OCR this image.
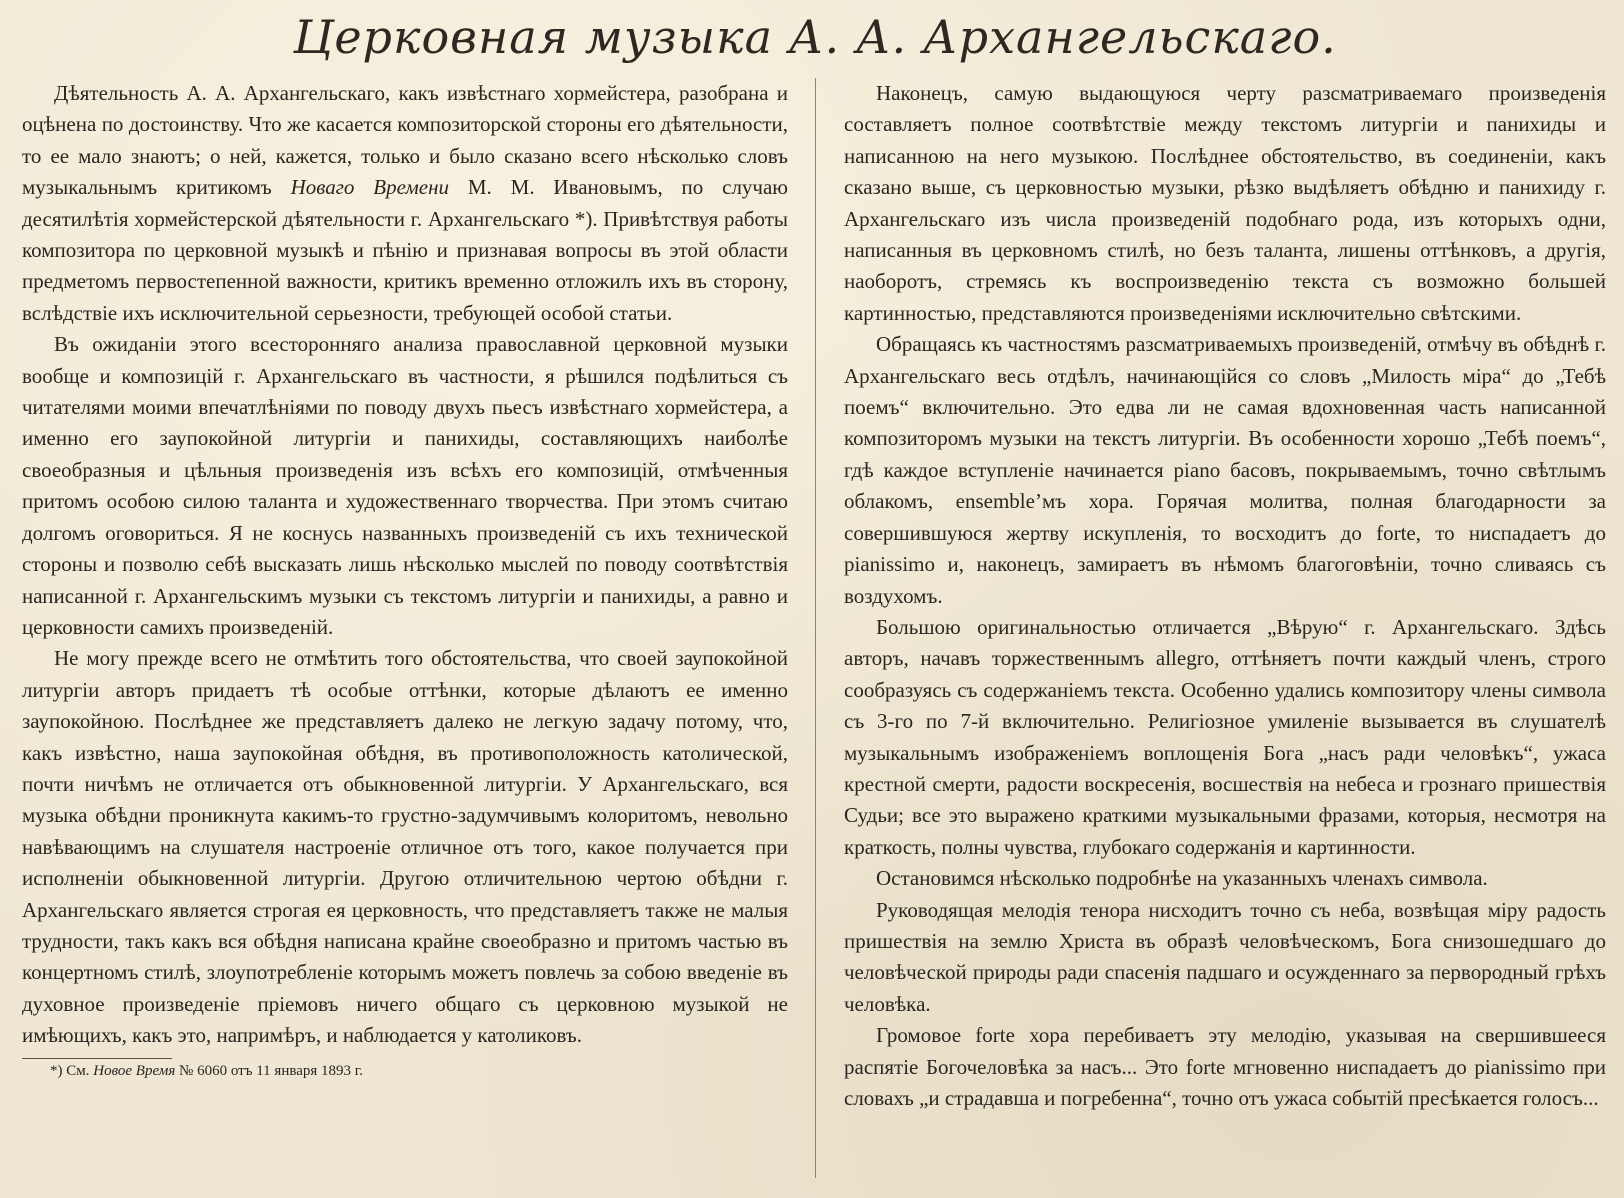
Церковная музыка А. А. Архангельскаго.

Дѣятельность А. А. Архангельскаго, какъ извѣстнаго хормейстера, разобрана и оцѣнена по достоинству. Что же касается композиторской стороны его дѣятельности, то ее мало знаютъ; о ней, кажется, только и было сказано всего нѣсколько словъ музыкальнымъ критикомъ Новаго Времени М. М. Ивановымъ, по случаю десятилѣтія хормейстерской дѣятельности г. Архангельскаго *). Привѣтствуя работы композитора по церковной музыкѣ и пѣнію и признавая вопросы въ этой области предметомъ первостепенной важности, критикъ временно отложилъ ихъ въ сторону, вслѣдствіе ихъ исключительной серьезности, требующей особой статьи.

Въ ожиданіи этого всесторонняго анализа православной церковной музыки вообще и композицій г. Архангельскаго въ частности, я рѣшился подѣлиться съ читателями моими впечатлѣніями по поводу двухъ пьесъ извѣстнаго хормейстера, а именно его заупокойной литургіи и панихиды, составляющихъ наиболѣе своеобразныя и цѣльныя произведенія изъ всѣхъ его композицій, отмѣченныя притомъ особою силою таланта и художественнаго творчества. При этомъ считаю долгомъ оговориться. Я не коснусь названныхъ произведеній съ ихъ технической стороны и позволю себѣ высказать лишь нѣсколько мыслей по поводу соотвѣтствія написанной г. Архангельскимъ музыки съ текстомъ литургіи и панихиды, а равно и церковности самихъ произведеній.

Не могу прежде всего не отмѣтить того обстоятельства, что своей заупокойной литургіи авторъ придаетъ тѣ особые оттѣнки, которые дѣлаютъ ее именно заупокойною. Послѣднее же представляетъ далеко не легкую задачу потому, что, какъ извѣстно, наша заупокойная обѣдня, въ противоположность католической, почти ничѣмъ не отличается отъ обыкновенной литургіи. У Архангельскаго, вся музыка обѣдни проникнута какимъ-то грустно-задумчивымъ колоритомъ, невольно навѣвающимъ на слушателя настроеніе отличное отъ того, какое получается при исполненіи обыкновенной литургіи. Другою отличительною чертою обѣдни г. Архангельскаго является строгая ея церковность, что представляетъ также не малыя трудности, такъ какъ вся обѣдня написана крайне своеобразно и притомъ частью въ концертномъ стилѣ, злоупотребленіе которымъ можетъ повлечь за собою введеніе въ духовное произведеніе пріемовъ ничего общаго съ церковною музыкой не имѣющихъ, какъ это, напримѣръ, и наблюдается у католиковъ.

*) См. Новое Время № 6060 отъ 11 января 1893 г.

Наконецъ, самую выдающуюся черту разсматриваемаго произведенія составляетъ полное соотвѣтствіе между текстомъ литургіи и панихиды и написанною на него музыкою. Послѣднее обстоятельство, въ соединеніи, какъ сказано выше, съ церковностью музыки, рѣзко выдѣляетъ обѣдню и панихиду г. Архангельскаго изъ числа произведеній подобнаго рода, изъ которыхъ одни, написанныя въ церковномъ стилѣ, но безъ таланта, лишены оттѣнковъ, а другія, наоборотъ, стремясь къ воспроизведенію текста съ возможно большей картинностью, представляются произведеніями исключительно свѣтскими.

Обращаясь къ частностямъ разсматриваемыхъ произведеній, отмѣчу въ обѣднѣ г. Архангельскаго весь отдѣлъ, начинающійся со словъ „Милость міра“ до „Тебѣ поемъ“ включительно. Это едва ли не самая вдохновенная часть написанной композиторомъ музыки на текстъ литургіи. Въ особенности хорошо „Тебѣ поемъ“, гдѣ каждое вступленіе начинается piano басовъ, покрываемымъ, точно свѣтлымъ облакомъ, ensemble’мъ хора. Горячая молитва, полная благодарности за совершившуюся жертву искупленія, то восходитъ до forte, то ниспадаетъ до pianissimo и, наконецъ, замираетъ въ нѣмомъ благоговѣніи, точно сливаясь съ воздухомъ.

Большою оригинальностью отличается „Вѣрую“ г. Архангельскаго. Здѣсь авторъ, начавъ торжественнымъ allegro, оттѣняетъ почти каждый членъ, строго сообразуясь съ содержаніемъ текста. Особенно удались композитору члены символа съ 3-го по 7-й включительно. Религіозное умиленіе вызывается въ слушателѣ музыкальнымъ изображеніемъ воплощенія Бога „насъ ради человѣкъ“, ужаса крестной смерти, радости воскресенія, восшествія на небеса и грознаго пришествія Судьи; все это выражено краткими музыкальными фразами, которыя, несмотря на краткость, полны чувства, глубокаго содержанія и картинности.

Остановимся нѣсколько подробнѣе на указанныхъ членахъ символа.

Руководящая мелодія тенора нисходитъ точно съ неба, возвѣщая міру радость пришествія на землю Христа въ образѣ человѣческомъ, Бога снизошедшаго до человѣческой природы ради спасенія падшаго и осужденнаго за первородный грѣхъ человѣка.

Громовое forte хора перебиваетъ эту мелодію, указывая на свершившееся распятіе Богочеловѣка за насъ... Это forte мгновенно ниспадаетъ до pianissimo при словахъ „и страдавша и погребенна“, точно отъ ужаса событій пресѣкается голосъ...
